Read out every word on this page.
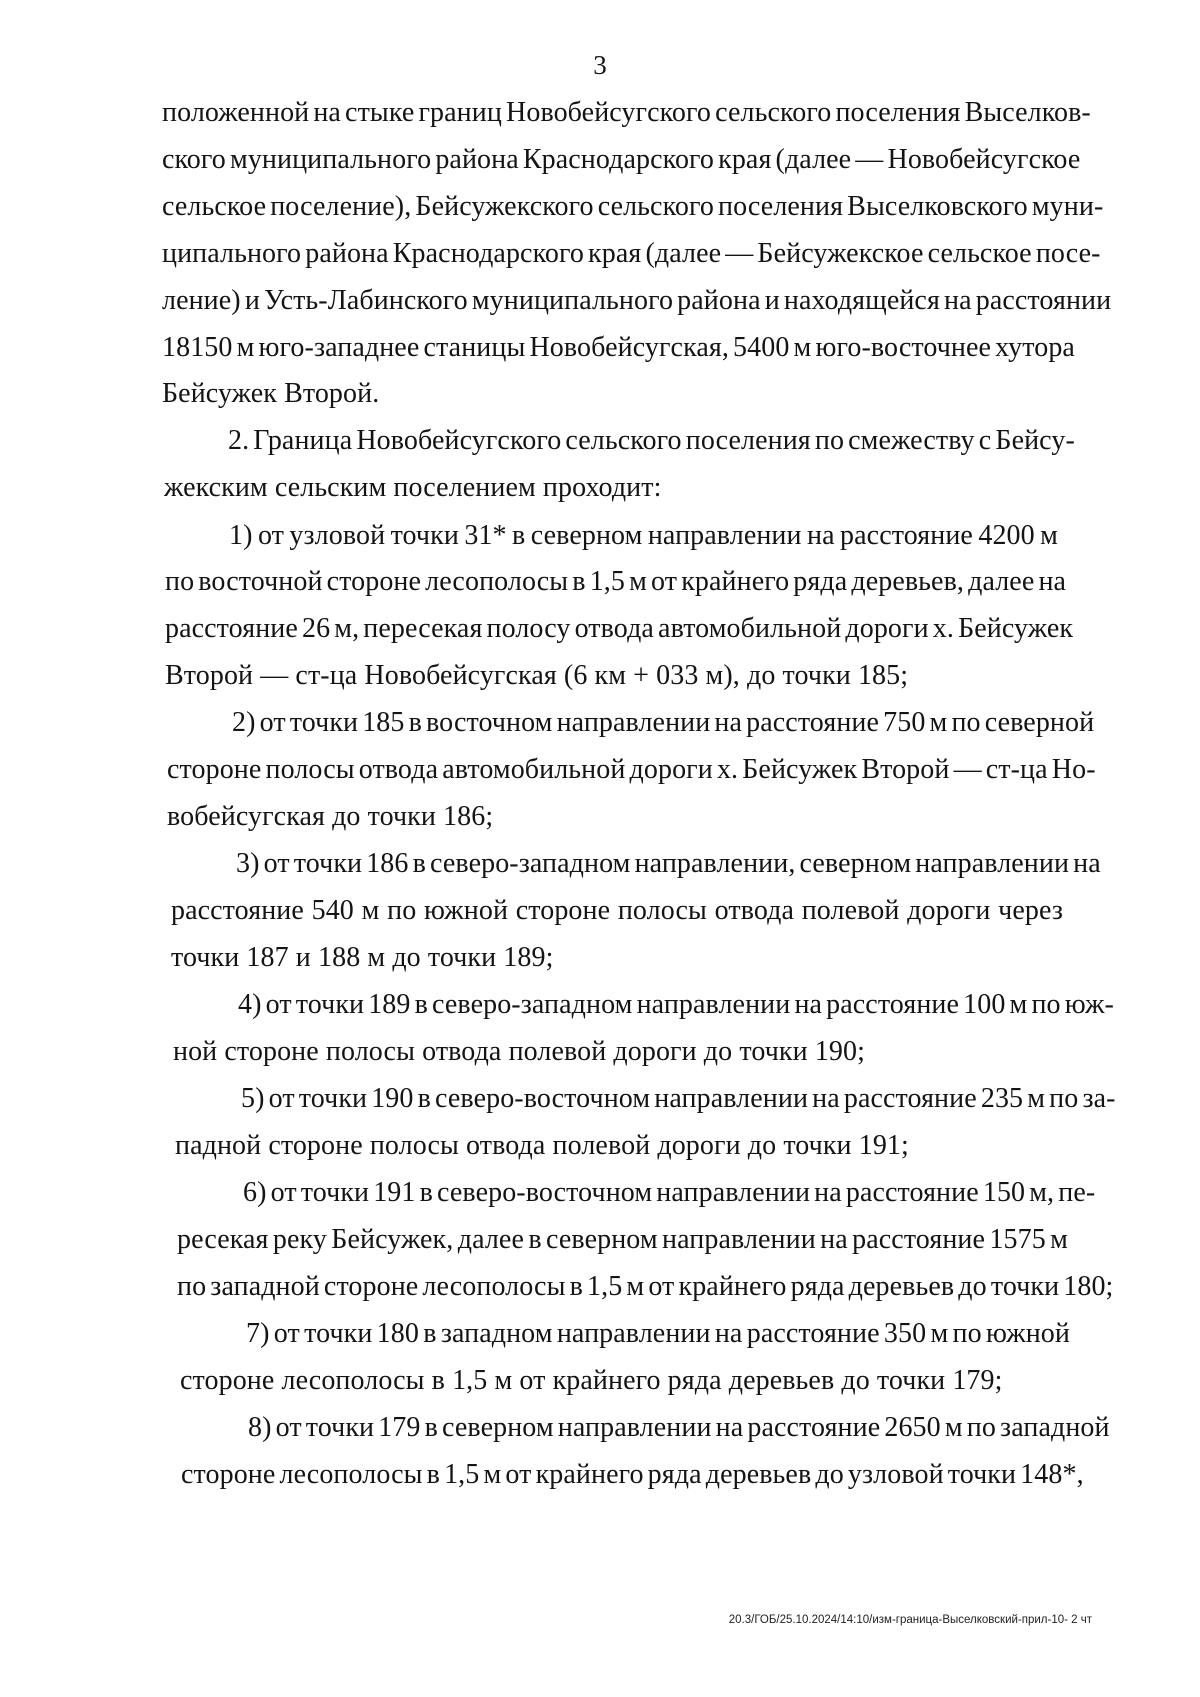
3
положенной на стыке границ Новобейсугского сельского поселения Выселков-
ского муниципального района Краснодарского края (далее — Новобейсугское
сельское поселение), Бейсужекского сельского поселения Выселковского муни-
ципального района Краснодарского края (далее — Бейсужекское сельское посе-
ление) и Усть-Лабинского муниципального района и находящейся на расстоянии
18150 м юго-западнее станицы Новобейсугская, 5400 м юго-восточнее хутора
Бейсужек Второй.
2. Граница Новобейсугского сельского поселения по смежеству с Бейсу-
жекским сельским поселением проходит:
1) от узловой точки 31* в северном направлении на расстояние 4200 м
по восточной стороне лесополосы в 1,5 м от крайнего ряда деревьев, далее на
расстояние 26 м, пересекая полосу отвода автомобильной дороги х. Бейсужек
Второй — ст-ца Новобейсугская (6 км + 033 м), до точки 185;
2) от точки 185 в восточном направлении на расстояние 750 м по северной
стороне полосы отвода автомобильной дороги х. Бейсужек Второй — ст-ца Но-
вобейсугская до точки 186;
3) от точки 186 в северо-западном направлении, северном направлении на
расстояние 540 м по южной стороне полосы отвода полевой дороги через
точки 187 и 188 м до точки 189;
4) от точки 189 в северо-западном направлении на расстояние 100 м по юж-
ной стороне полосы отвода полевой дороги до точки 190;
5) от точки 190 в северо-восточном направлении на расстояние 235 м по за-
падной стороне полосы отвода полевой дороги до точки 191;
6) от точки 191 в северо-восточном направлении на расстояние 150 м, пе-
ресекая реку Бейсужек, далее в северном направлении на расстояние 1575 м
по западной стороне лесополосы в 1,5 м от крайнего ряда деревьев до точки 180;
7) от точки 180 в западном направлении на расстояние 350 м по южной
стороне лесополосы в 1,5 м от крайнего ряда деревьев до точки 179;
8) от точки 179 в северном направлении на расстояние 2650 м по западной
стороне лесополосы в 1,5 м от крайнего ряда деревьев до узловой точки 148*,
20.3/ГОБ/25.10.2024/14:10/изм-граница-Выселковский-прил-10- 2 чт
